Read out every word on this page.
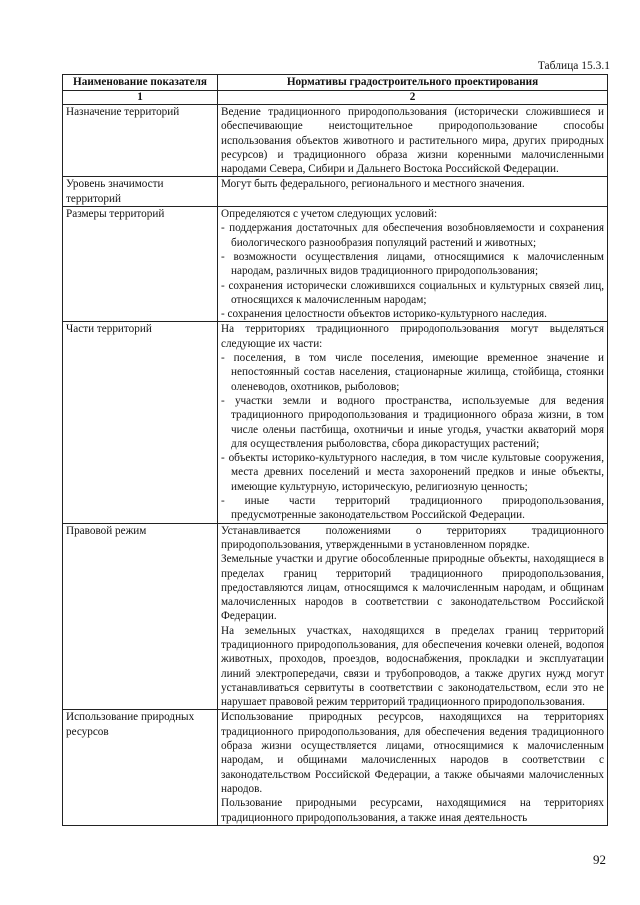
Таблица 15.3.1
Наименование показателя	Нормативы градостроительного проектирования
1	2
Назначение территорий	Ведение традиционного природопользования (исторически сложившиеся и обеспечивающие неистощительное природопользование способы использования объектов животного и растительного мира, других природных ресурсов) и традиционного образа жизни коренными малочисленными народами Севера, Сибири и Дальнего Востока Российской Федерации.

Уровень значимости территорий	Могут быть федерального, регионального и местного значения.

Размеры территорий	Определяются с учетом следующих условий:
- поддержания достаточных для обеспечения возобновляемости и сохранения биологического разнообразия популяций растений и животных;
- возможности осуществления лицами, относящимися к малочисленным народам, различных видов традиционного природопользования;
- сохранения исторически сложившихся социальных и культурных связей лиц, относящихся к малочисленным народам;
- сохранения целостности объектов историко-культурного наследия.

Части территорий	На территориях традиционного природопользования могут выделяться следующие их части:
- поселения, в том числе поселения, имеющие временное значение и непостоянный состав населения, стационарные жилища, стойбища, стоянки оленеводов, охотников, рыболовов;
- участки земли и водного пространства, используемые для ведения традиционного природопользования и традиционного образа жизни, в том числе оленьи пастбища, охотничьи и иные угодья, участки акваторий моря для осуществления рыболовства, сбора дикорастущих растений;
- объекты историко-культурного наследия, в том числе культовые сооружения, места древних поселений и места захоронений предков и иные объекты, имеющие культурную, историческую, религиозную ценность;
- иные части территорий традиционного природопользования, предусмотренные законодательством Российской Федерации.

Правовой режим	Устанавливается положениями о территориях традиционного природопользования, утвержденными в установленном порядке.
Земельные участки и другие обособленные природные объекты, находящиеся в пределах границ территорий традиционного природопользования, предоставляются лицам, относящимся к малочисленным народам, и общинам малочисленных народов в соответствии с законодательством Российской Федерации.
На земельных участках, находящихся в пределах границ территорий традиционного природопользования, для обеспечения кочевки оленей, водопоя животных, проходов, проездов, водоснабжения, прокладки и эксплуатации линий электропередачи, связи и трубопроводов, а также других нужд могут устанавливаться сервитуты в соответствии с законодательством, если это не нарушает правовой режим территорий традиционного природопользования.

Использование природных ресурсов	Использование природных ресурсов, находящихся на территориях традиционного природопользования, для обеспечения ведения традиционного образа жизни осуществляется лицами, относящимися к малочисленным народам, и общинами малочисленных народов в соответствии с законодательством Российской Федерации, а также обычаями малочисленных народов.
Пользование природными ресурсами, находящимися на территориях традиционного природопользования, а также иная деятельность
92
